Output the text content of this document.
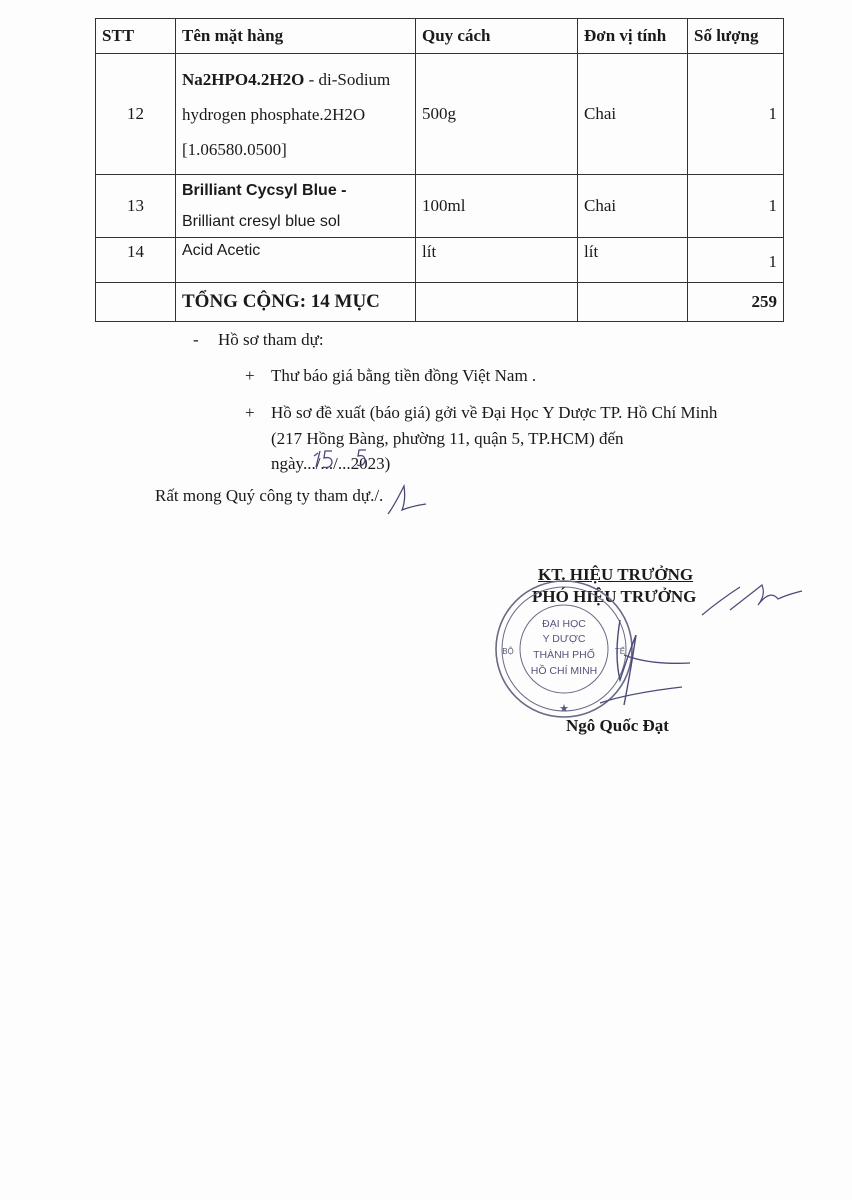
STT	Tên mặt hàng	Quy cách	Đơn vị tính	Số lượng
12	Na2HPO4.2H2O - di-Sodium
hydrogen phosphate.2H2O
[1.06580.0500]	500g	Chai	1
13	Brilliant Cycsyl Blue -
Brilliant cresyl blue sol	100ml	Chai	1
14	Acid Acetic	lít	lít	1
	TỔNG CỘNG: 14 MỤC			259
- Hồ sơ tham dự:
+ Thư báo giá bằng tiền đồng Việt Nam .
+ Hồ sơ đề xuất (báo giá) gởi về Đại Học Y Dược TP. Hồ Chí Minh
(217 Hồng Bàng, phường 11, quận 5, TP.HCM) đến
ngày.../.../...2023)
Rất mong Quý công ty tham dự./.
KT. HIỆU TRƯỞNG
PHÓ HIỆU TRƯỞNG
ĐẠI HỌC
Y DƯỢC
THÀNH PHỐ
HỒ CHÍ MINH
BỘ	TẾ
★
Ngô Quốc Đạt
